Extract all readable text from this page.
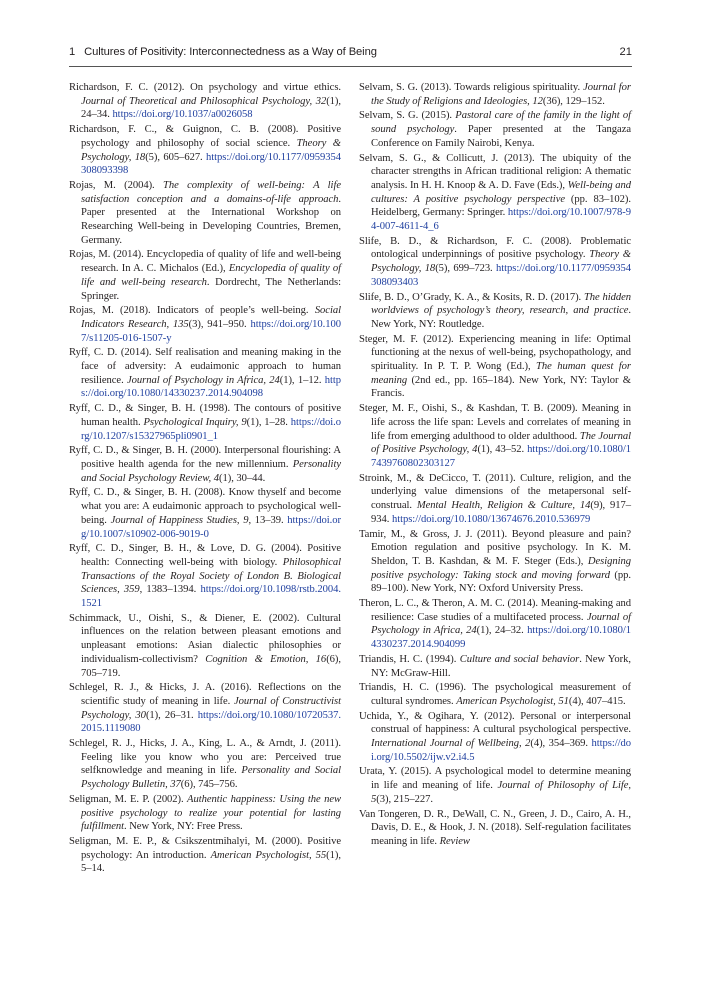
1 Cultures of Positivity: Interconnectedness as a Way of Being	21

Richardson, F. C. (2012). On psychology and virtue ethics. Journal of Theoretical and Philosophical Psychology, 32(1), 24–34. https://doi.org/10.1037/a0026058

Richardson, F. C., & Guignon, C. B. (2008). Positive psychology and philosophy of social science. Theory & Psychology, 18(5), 605–627. https://doi.org/10.1177/0959354308093398

Rojas, M. (2004). The complexity of well-being: A life satisfaction conception and a domains-of-life approach. Paper presented at the International Workshop on Researching Well-being in Developing Countries, Bremen, Germany.

Rojas, M. (2014). Encyclopedia of quality of life and well-being research. In A. C. Michalos (Ed.), Encyclopedia of quality of life and well-being research. Dordrecht, The Netherlands: Springer.

Rojas, M. (2018). Indicators of people’s well-being. Social Indicators Research, 135(3), 941–950. https://doi.org/10.1007/s11205-016-1507-y

Ryff, C. D. (2014). Self realisation and meaning making in the face of adversity: A eudaimonic approach to human resilience. Journal of Psychology in Africa, 24(1), 1–12. https://doi.org/10.1080/14330237.2014.904098

Ryff, C. D., & Singer, B. H. (1998). The contours of positive human health. Psychological Inquiry, 9(1), 1–28. https://doi.org/10.1207/s15327965pli0901_1

Ryff, C. D., & Singer, B. H. (2000). Interpersonal flourishing: A positive health agenda for the new millennium. Personality and Social Psychology Review, 4(1), 30–44.

Ryff, C. D., & Singer, B. H. (2008). Know thyself and become what you are: A eudaimonic approach to psychological well-being. Journal of Happiness Studies, 9, 13–39. https://doi.org/10.1007/s10902-006-9019-0

Ryff, C. D., Singer, B. H., & Love, D. G. (2004). Positive health: Connecting well-being with biology. Philosophical Transactions of the Royal Society of London B. Biological Sciences, 359, 1383–1394. https://doi.org/10.1098/rstb.2004.1521

Schimmack, U., Oishi, S., & Diener, E. (2002). Cultural influences on the relation between pleasant emotions and unpleasant emotions: Asian dialectic philosophies or individualism-collectivism? Cognition & Emotion, 16(6), 705–719.

Schlegel, R. J., & Hicks, J. A. (2016). Reflections on the scientific study of meaning in life. Journal of Constructivist Psychology, 30(1), 26–31. https://doi.org/10.1080/10720537.2015.1119080

Schlegel, R. J., Hicks, J. A., King, L. A., & Arndt, J. (2011). Feeling like you know who you are: Perceived true selfknowledge and meaning in life. Personality and Social Psychology Bulletin, 37(6), 745–756.

Seligman, M. E. P. (2002). Authentic happiness: Using the new positive psychology to realize your potential for lasting fulfillment. New York, NY: Free Press.

Seligman, M. E. P., & Csikszentmihalyi, M. (2000). Positive psychology: An introduction. American Psychologist, 55(1), 5–14.

Selvam, S. G. (2013). Towards religious spirituality. Journal for the Study of Religions and Ideologies, 12(36), 129–152.

Selvam, S. G. (2015). Pastoral care of the family in the light of sound psychology. Paper presented at the Tangaza Conference on Family Nairobi, Kenya.

Selvam, S. G., & Collicutt, J. (2013). The ubiquity of the character strengths in African traditional religion: A thematic analysis. In H. H. Knoop & A. D. Fave (Eds.), Well-being and cultures: A positive psychology perspective (pp. 83–102). Heidelberg, Germany: Springer. https://doi.org/10.1007/978-94-007-4611-4_6

Slife, B. D., & Richardson, F. C. (2008). Problematic ontological underpinnings of positive psychology. Theory & Psychology, 18(5), 699–723. https://doi.org/10.1177/0959354308093403

Slife, B. D., O’Grady, K. A., & Kosits, R. D. (2017). The hidden worldviews of psychology’s theory, research, and practice. New York, NY: Routledge.

Steger, M. F. (2012). Experiencing meaning in life: Optimal functioning at the nexus of well-being, psychopathology, and spirituality. In P. T. P. Wong (Ed.), The human quest for meaning (2nd ed., pp. 165–184). New York, NY: Taylor & Francis.

Steger, M. F., Oishi, S., & Kashdan, T. B. (2009). Meaning in life across the life span: Levels and correlates of meaning in life from emerging adulthood to older adulthood. The Journal of Positive Psychology, 4(1), 43–52. https://doi.org/10.1080/17439760802303127

Stroink, M., & DeCicco, T. (2011). Culture, religion, and the underlying value dimensions of the metapersonal self-construal. Mental Health, Religion & Culture, 14(9), 917–934. https://doi.org/10.1080/13674676.2010.536979

Tamir, M., & Gross, J. J. (2011). Beyond pleasure and pain? Emotion regulation and positive psychology. In K. M. Sheldon, T. B. Kashdan, & M. F. Steger (Eds.), Designing positive psychology: Taking stock and moving forward (pp. 89–100). New York, NY: Oxford University Press.

Theron, L. C., & Theron, A. M. C. (2014). Meaning-making and resilience: Case studies of a multifaceted process. Journal of Psychology in Africa, 24(1), 24–32. https://doi.org/10.1080/14330237.2014.904099

Triandis, H. C. (1994). Culture and social behavior. New York, NY: McGraw-Hill.

Triandis, H. C. (1996). The psychological measurement of cultural syndromes. American Psychologist, 51(4), 407–415.

Uchida, Y., & Ogihara, Y. (2012). Personal or interpersonal construal of happiness: A cultural psychological perspective. International Journal of Wellbeing, 2(4), 354–369. https://doi.org/10.5502/ijw.v2.i4.5

Urata, Y. (2015). A psychological model to determine meaning in life and meaning of life. Journal of Philosophy of Life, 5(3), 215–227.

Van Tongeren, D. R., DeWall, C. N., Green, J. D., Cairo, A. H., Davis, D. E., & Hook, J. N. (2018). Self-regulation facilitates meaning in life. Review
